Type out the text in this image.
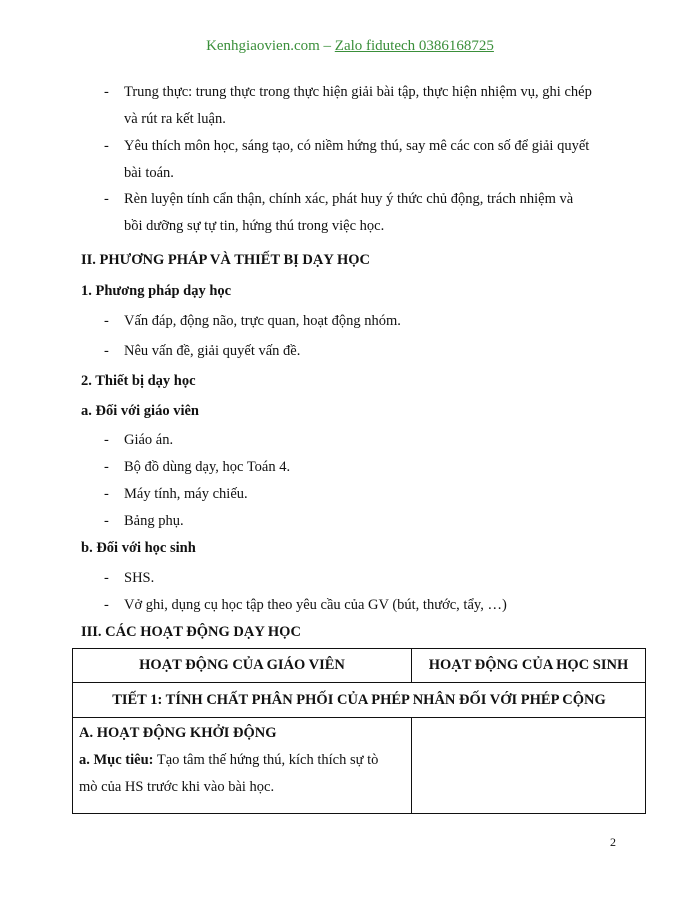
Kenhgiaovien.com – Zalo fidutech 0386168725
- Trung thực: trung thực trong thực hiện giải bài tập, thực hiện nhiệm vụ, ghi chép
và rút ra kết luận.
- Yêu thích môn học, sáng tạo, có niềm hứng thú, say mê các con số để giải quyết
bài toán.
- Rèn luyện tính cẩn thận, chính xác, phát huy ý thức chủ động, trách nhiệm và
bồi dưỡng sự tự tin, hứng thú trong việc học.
II. PHƯƠNG PHÁP VÀ THIẾT BỊ DẠY HỌC
1. Phương pháp dạy học
- Vấn đáp, động não, trực quan, hoạt động nhóm.
- Nêu vấn đề, giải quyết vấn đề.
2. Thiết bị dạy học
a. Đối với giáo viên
- Giáo án.
- Bộ đồ dùng dạy, học Toán 4.
- Máy tính, máy chiếu.
- Bảng phụ.
b. Đối với học sinh
- SHS.
- Vở ghi, dụng cụ học tập theo yêu cầu của GV (bút, thước, tẩy, …)
III. CÁC HOẠT ĐỘNG DẠY HỌC
HOẠT ĐỘNG CỦA GIÁO VIÊN	HOẠT ĐỘNG CỦA HỌC SINH
TIẾT 1: TÍNH CHẤT PHÂN PHỐI CỦA PHÉP NHÂN ĐỐI VỚI PHÉP CỘNG	

A. HOẠT ĐỘNG KHỞI ĐỘNG
a. Mục tiêu: Tạo tâm thế hứng thú, kích thích sự tò
mò của HS trước khi vào bài học.	

2
